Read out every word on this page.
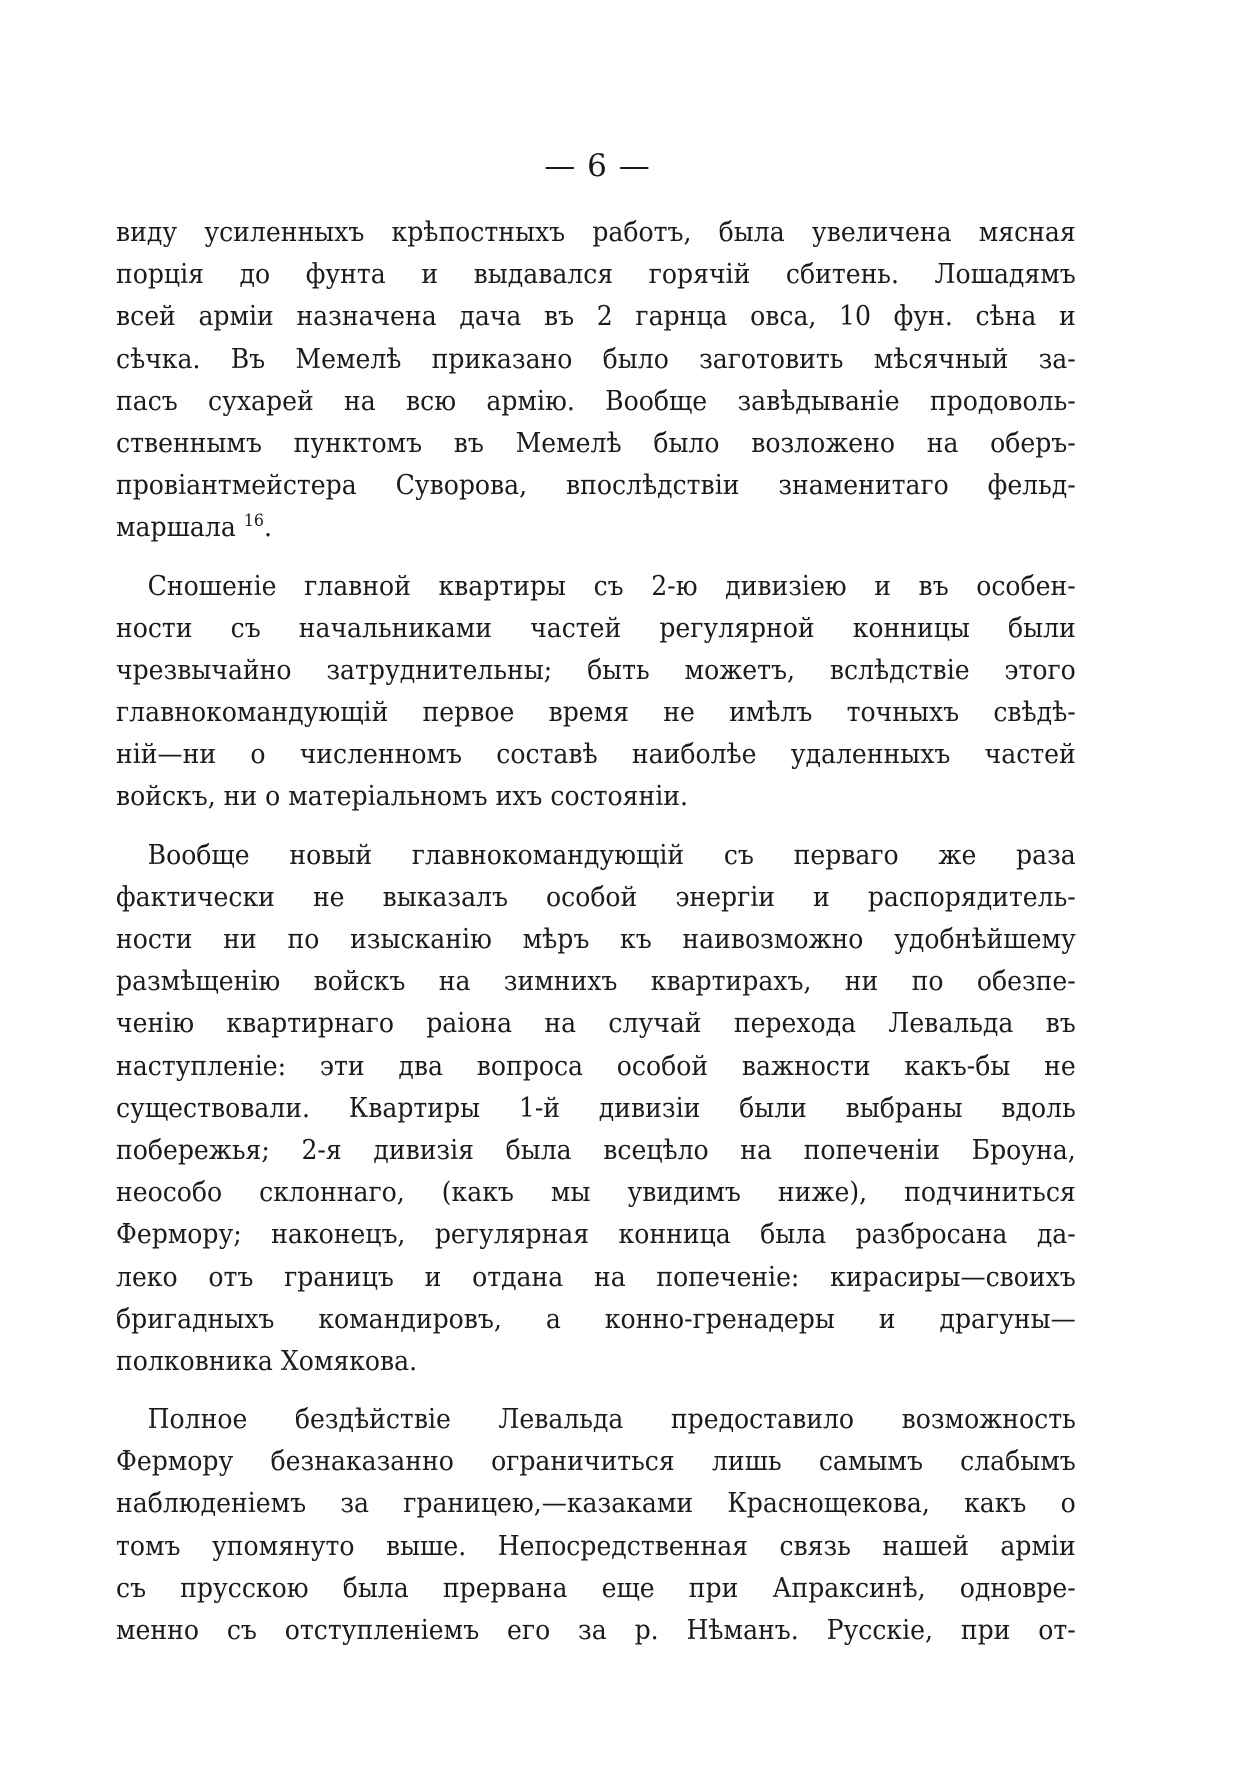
— 6 —

виду усиленныхъ крѣпостныхъ работъ, была увеличена мясная
порція до фунта и выдавался горячій сбитень. Лошадямъ
всей арміи назначена дача въ 2 гарнца овса, 10 фун. сѣна и
сѣчка. Въ Мемелѣ приказано было заготовить мѣсячный за-
пасъ сухарей на всю армію. Вообще завѣдываніе продоволь-
ственнымъ пунктомъ въ Мемелѣ было возложено на оберъ-
провіантмейстера Суворова, впослѣдствіи знаменитаго фельд-
маршала $^{16}$.

Сношеніе главной квартиры съ 2-ю дивизіею и въ особен-
ности съ начальниками частей регулярной конницы были
чрезвычайно затруднительны; быть можетъ, вслѣдствіе этого
главнокомандующій первое время не имѣлъ точныхъ свѣдѣ-
ній—ни о численномъ составѣ наиболѣе удаленныхъ частей
войскъ, ни о матеріальномъ ихъ состояніи.

Вообще новый главнокомандующій съ перваго же раза
фактически не выказалъ особой энергіи и распорядитель-
ности ни по изысканію мѣръ къ наивозможно удобнѣйшему
размѣщенію войскъ на зимнихъ квартирахъ, ни по обезпе-
ченію квартирнаго раіона на случай перехода Левальда въ
наступленіе: эти два вопроса особой важности какъ-бы не
существовали. Квартиры 1-й дивизіи были выбраны вдоль
побережья; 2-я дивизія была всецѣло на попеченіи Броуна,
неособо склоннаго, (какъ мы увидимъ ниже), подчиниться
Фермору; наконецъ, регулярная конница была разбросана да-
леко отъ границъ и отдана на попеченіе: кирасиры—своихъ
бригадныхъ командировъ, а конно-гренадеры и драгуны—
полковника Хомякова.

Полное бездѣйствіе Левальда предоставило возможность
Фермору безнаказанно ограничиться лишь самымъ слабымъ
наблюденіемъ за границею,—казаками Краснощекова, какъ о
томъ упомянуто выше. Непосредственная связь нашей арміи
съ прусскою была прервана еще при Апраксинѣ, одновре-
менно съ отступленіемъ его за р. Нѣманъ. Русскіе, при от-
